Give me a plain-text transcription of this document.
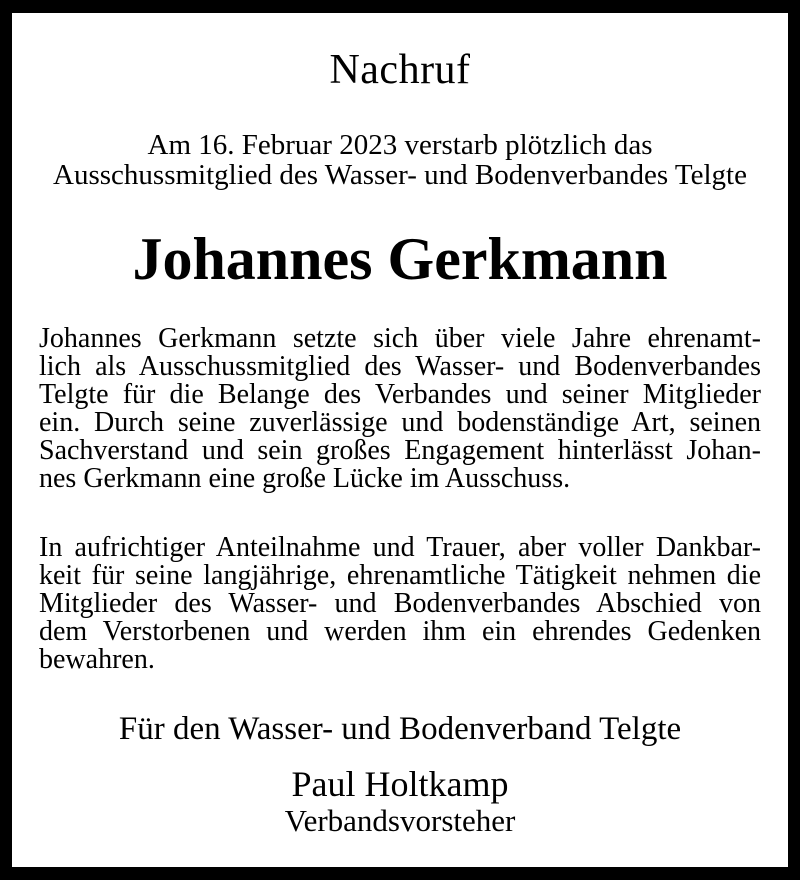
Nachruf
Am 16. Februar 2023 verstarb plötzlich das
Ausschussmitglied des Wasser- und Bodenverbandes Telgte
Johannes Gerkmann
Johannes Gerkmann setzte sich über viele Jahre ehrenamt-
lich als Ausschussmitglied des Wasser- und Bodenverbandes
Telgte für die Belange des Verbandes und seiner Mitglieder
ein. Durch seine zuverlässige und bodenständige Art, seinen
Sachverstand und sein großes Engagement hinterlässt Johan-
nes Gerkmann eine große Lücke im Ausschuss.
In aufrichtiger Anteilnahme und Trauer, aber voller Dankbar-
keit für seine langjährige, ehrenamtliche Tätigkeit nehmen die
Mitglieder des Wasser- und Bodenverbandes Abschied von
dem Verstorbenen und werden ihm ein ehrendes Gedenken
bewahren.
Für den Wasser- und Bodenverband Telgte
Paul Holtkamp
Verbandsvorsteher
